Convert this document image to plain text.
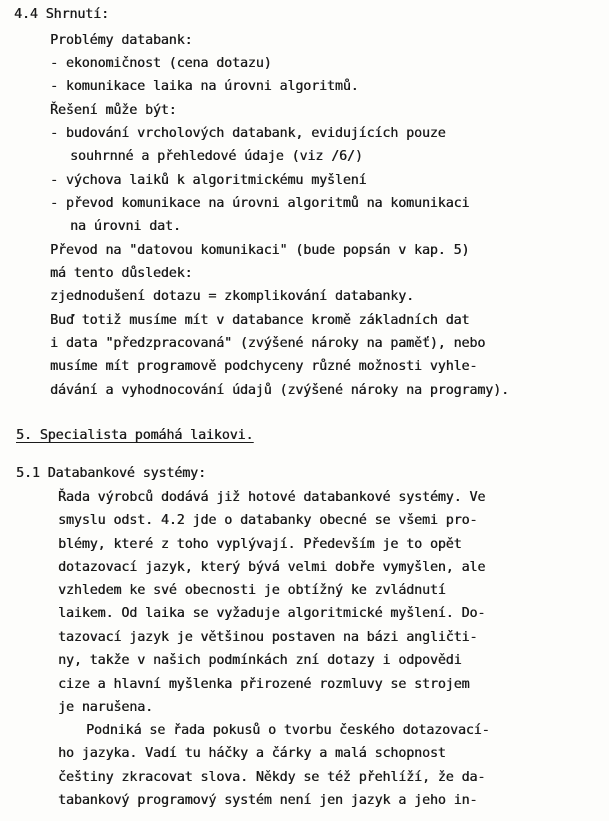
4.4 Shrnutí:
Problémy databank:
- ekonomičnost (cena dotazu)
- komunikace laika na úrovni algoritmů.
Řešení může být:
- budování vrcholových databank, evidujících pouze
souhrnné a přehledové údaje (viz /6/)
- výchova laiků k algoritmickému myšlení
- převod komunikace na úrovni algoritmů na komunikaci
na úrovni dat.
Převod na "datovou komunikaci" (bude popsán v kap. 5)
má tento důsledek:
zjednodušení dotazu = zkomplikování databanky.
Buď totiž musíme mít v databance kromě základních dat
i data "předzpracovaná" (zvýšené nároky na paměť), nebo
musíme mít programově podchyceny různé možnosti vyhle-
dávání a vyhodnocování údajů (zvýšené nároky na programy).
5. Specialista pomáhá laikovi.
5.1 Databankové systémy:
Řada výrobců dodává již hotové databankové systémy. Ve
smyslu odst. 4.2 jde o databanky obecné se všemi pro-
blémy, které z toho vyplývají. Především je to opět
dotazovací jazyk, který bývá velmi dobře vymyšlen, ale
vzhledem ke své obecnosti je obtížný ke zvládnutí
laikem. Od laika se vyžaduje algoritmické myšlení. Do-
tazovací jazyk je většinou postaven na bázi angličti-
ny, takže v našich podmínkách zní dotazy i odpovědi
cize a hlavní myšlenka přirozené rozmluvy se strojem
je narušena.
Podniká se řada pokusů o tvorbu českého dotazovací-
ho jazyka. Vadí tu háčky a čárky a malá schopnost
češtiny zkracovat slova. Někdy se též přehlíží, že da-
tabankový programový systém není jen jazyk a jeho in-
